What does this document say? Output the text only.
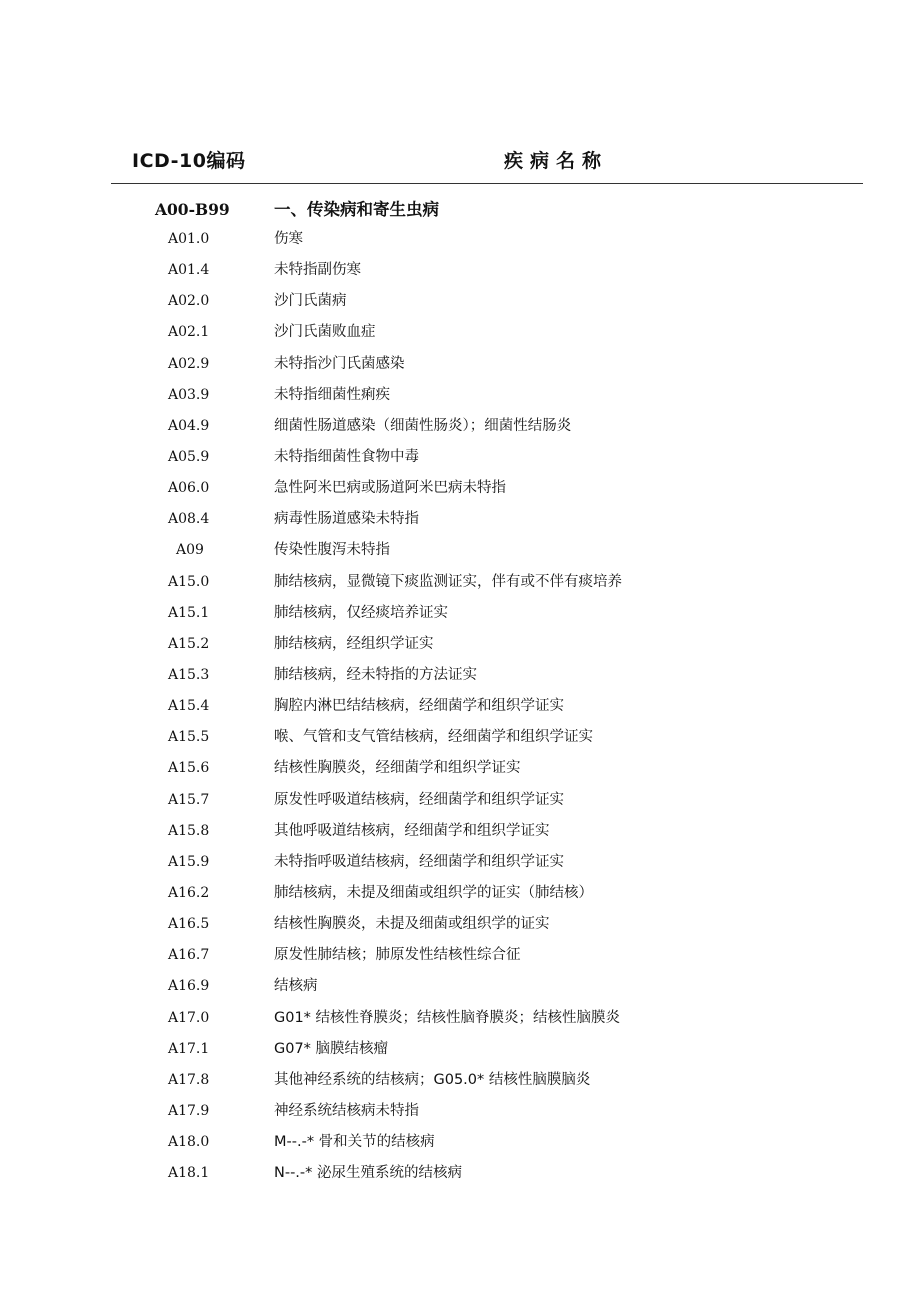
ICD-10编码	疾病名称
A00-B99	一、传染病和寄生虫病
A01.0	伤寒
A01.4	未特指副伤寒
A02.0	沙门氏菌病
A02.1	沙门氏菌败血症
A02.9	未特指沙门氏菌感染
A03.9	未特指细菌性痢疾
A04.9	细菌性肠道感染（细菌性肠炎）；细菌性结肠炎
A05.9	未特指细菌性食物中毒
A06.0	急性阿米巴病或肠道阿米巴病未特指
A08.4	病毒性肠道感染未特指
A09	传染性腹泻未特指
A15.0	肺结核病，显微镜下痰监测证实，伴有或不伴有痰培养
A15.1	肺结核病，仅经痰培养证实
A15.2	肺结核病，经组织学证实
A15.3	肺结核病，经未特指的方法证实
A15.4	胸腔内淋巴结结核病，经细菌学和组织学证实
A15.5	喉、气管和支气管结核病，经细菌学和组织学证实
A15.6	结核性胸膜炎，经细菌学和组织学证实
A15.7	原发性呼吸道结核病，经细菌学和组织学证实
A15.8	其他呼吸道结核病，经细菌学和组织学证实
A15.9	未特指呼吸道结核病，经细菌学和组织学证实
A16.2	肺结核病，未提及细菌或组织学的证实（肺结核）
A16.5	结核性胸膜炎，未提及细菌或组织学的证实
A16.7	原发性肺结核；肺原发性结核性综合征
A16.9	结核病
A17.0	G01* 结核性脊膜炎；结核性脑脊膜炎；结核性脑膜炎
A17.1	G07* 脑膜结核瘤
A17.8	其他神经系统的结核病；G05.0* 结核性脑膜脑炎
A17.9	神经系统结核病未特指
A18.0	M--.-* 骨和关节的结核病
A18.1	N--.-* 泌尿生殖系统的结核病
